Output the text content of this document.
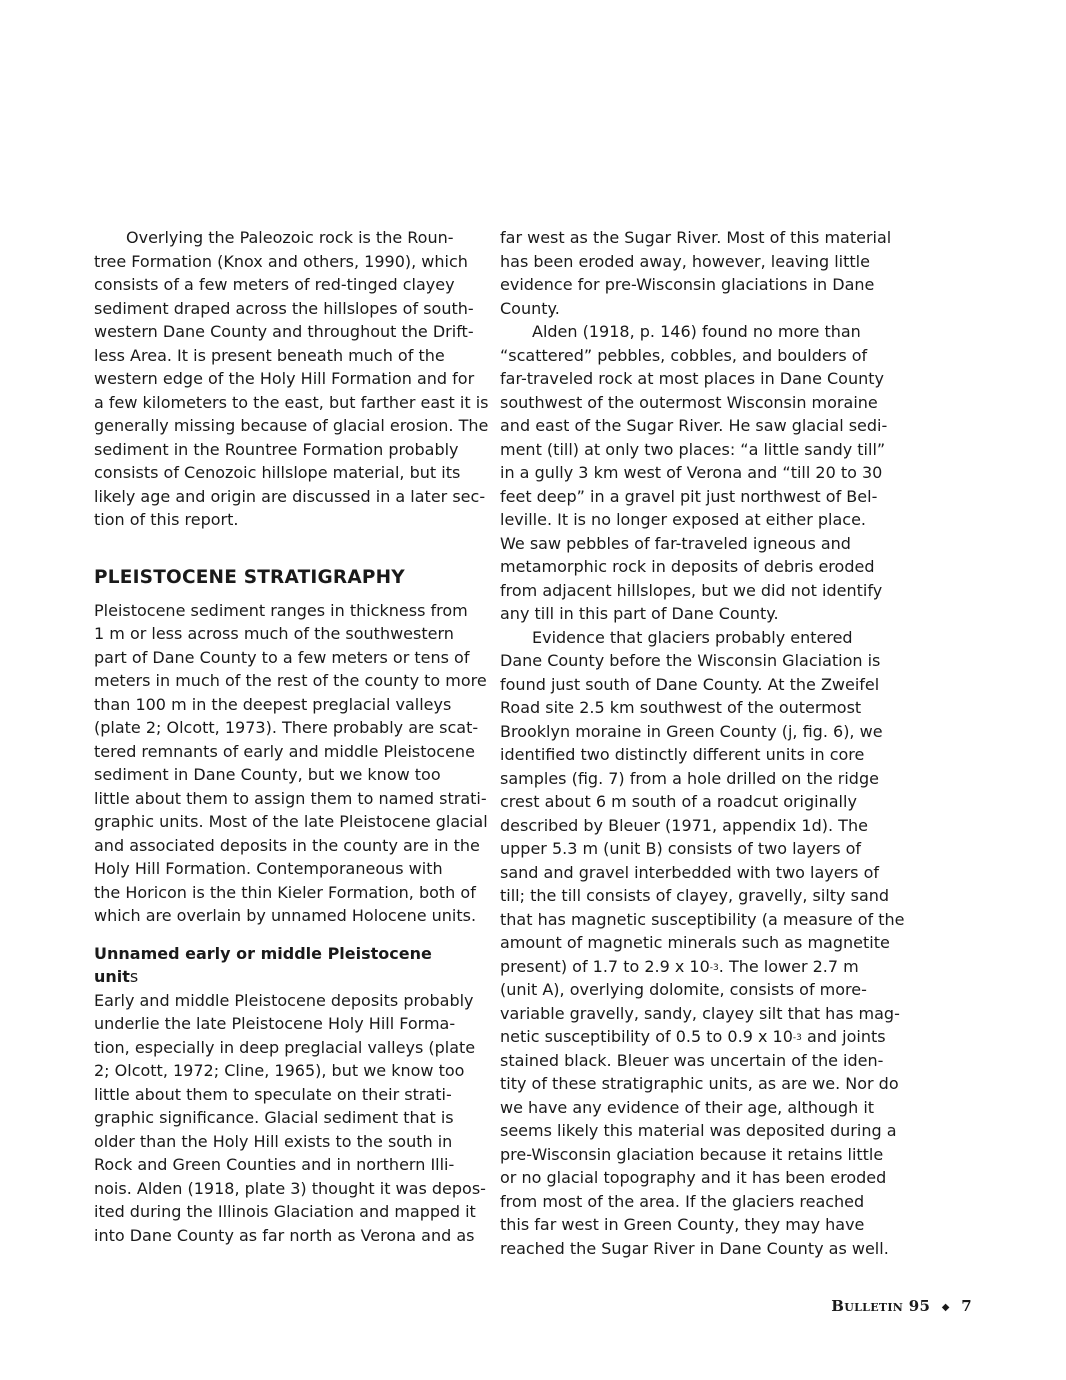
Overlying the Paleozoic rock is the Roun-
tree Formation (Knox and others, 1990), which
consists of a few meters of red-tinged clayey
sediment draped across the hillslopes of south-
western Dane County and throughout the Drift-
less Area. It is present beneath much of the
western edge of the Holy Hill Formation and for
a few kilometers to the east, but farther east it is
generally missing because of glacial erosion. The
sediment in the Rountree Formation probably
consists of Cenozoic hillslope material, but its
likely age and origin are discussed in a later sec-
tion of this report.
PLEISTOCENE STRATIGRAPHY
Pleistocene sediment ranges in thickness from
1 m or less across much of the southwestern
part of Dane County to a few meters or tens of
meters in much of the rest of the county to more
than 100 m in the deepest preglacial valleys
(plate 2; Olcott, 1973). There probably are scat-
tered remnants of early and middle Pleistocene
sediment in Dane County, but we know too
little about them to assign them to named strati-
graphic units. Most of the late Pleistocene glacial
and associated deposits in the county are in the
Holy Hill Formation. Contemporaneous with
the Horicon is the thin Kieler Formation, both of
which are overlain by unnamed Holocene units.
Unnamed early or middle Pleistocene units
Early and middle Pleistocene deposits probably
underlie the late Pleistocene Holy Hill Forma-
tion, especially in deep preglacial valleys (plate
2; Olcott, 1972; Cline, 1965), but we know too
little about them to speculate on their strati-
graphic significance. Glacial sediment that is
older than the Holy Hill exists to the south in
Rock and Green Counties and in northern Illi-
nois. Alden (1918, plate 3) thought it was depos-
ited during the Illinois Glaciation and mapped it
into Dane County as far north as Verona and as
far west as the Sugar River. Most of this material
has been eroded away, however, leaving little
evidence for pre-Wisconsin glaciations in Dane
County.
Alden (1918, p. 146) found no more than
“scattered” pebbles, cobbles, and boulders of
far-traveled rock at most places in Dane County
southwest of the outermost Wisconsin moraine
and east of the Sugar River. He saw glacial sedi-
ment (till) at only two places: “a little sandy till”
in a gully 3 km west of Verona and “till 20 to 30
feet deep” in a gravel pit just northwest of Bel-
leville. It is no longer exposed at either place.
We saw pebbles of far-traveled igneous and
metamorphic rock in deposits of debris eroded
from adjacent hillslopes, but we did not identify
any till in this part of Dane County.
Evidence that glaciers probably entered
Dane County before the Wisconsin Glaciation is
found just south of Dane County. At the Zweifel
Road site 2.5 km southwest of the outermost
Brooklyn moraine in Green County (j, fig. 6), we
identified two distinctly different units in core
samples (fig. 7) from a hole drilled on the ridge
crest about 6 m south of a roadcut originally
described by Bleuer (1971, appendix 1d). The
upper 5.3 m (unit B) consists of two layers of
sand and gravel interbedded with two layers of
till; the till consists of clayey, gravelly, silty sand
that has magnetic susceptibility (a measure of the
amount of magnetic minerals such as magnetite
present) of 1.7 to 2.9 x $10^{-3}$. The lower 2.7 m
(unit A), overlying dolomite, consists of more-
variable gravelly, sandy, clayey silt that has mag-
netic susceptibility of 0.5 to 0.9 x $10^{-3}$ and joints
stained black. Bleuer was uncertain of the iden-
tity of these stratigraphic units, as are we. Nor do
we have any evidence of their age, although it
seems likely this material was deposited during a
pre-Wisconsin glaciation because it retains little
or no glacial topography and it has been eroded
from most of the area. If the glaciers reached
this far west in Green County, they may have
reached the Sugar River in Dane County as well.
Bulletin 95 ◆ 7
